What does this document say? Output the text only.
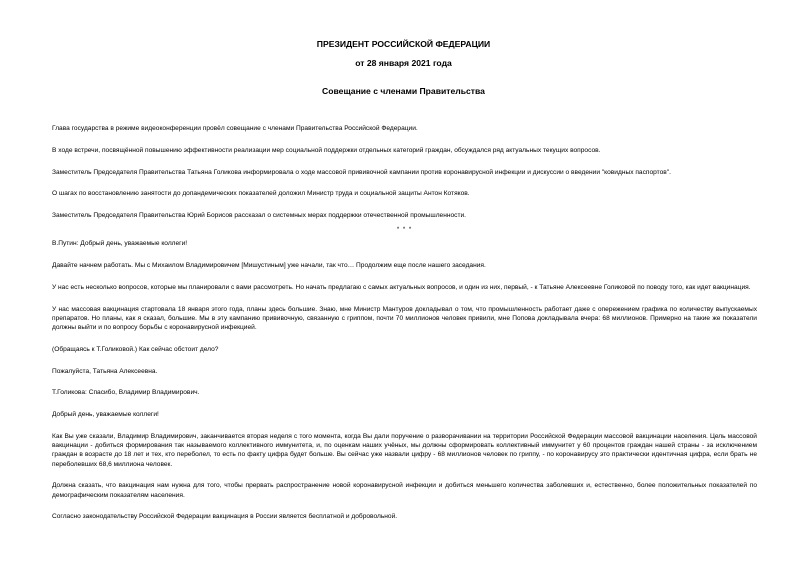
ПРЕЗИДЕНТ РОССИЙСКОЙ ФЕДЕРАЦИИ
от 28 января 2021 года
Совещание с членами Правительства

Глава государства в режиме видеоконференции провёл совещание с членами Правительства Российской Федерации.

В ходе встречи, посвящённой повышению эффективности реализации мер социальной поддержки отдельных категорий граждан, обсуждался ряд актуальных текущих вопросов.

Заместитель Председателя Правительства Татьяна Голикова информировала о ходе массовой прививочной кампании против коронавирусной инфекции и дискуссии о введении "ковидных паспортов".

О шагах по восстановлению занятости до допандемических показателей доложил Министр труда и социальной защиты Антон Котяков.

Заместитель Председателя Правительства Юрий Борисов рассказал о системных мерах поддержки отечественной промышленности.

* * *

В.Путин: Добрый день, уважаемые коллеги!

Давайте начнем работать. Мы с Михаилом Владимировичем [Мишустиным] уже начали, так что… Продолжим еще после нашего заседания.

У нас есть несколько вопросов, которые мы планировали с вами рассмотреть. Но начать предлагаю с самых актуальных вопросов, и один из них, первый, - к Татьяне Алексеевне Голиковой по поводу того, как идет вакцинация.

У нас массовая вакцинация стартовала 18 января этого года, планы здесь большие. Знаю, мне Министр Мантуров докладывал о том, что промышленность работает даже с опережением графика по количеству выпускаемых препаратов. Но планы, как я сказал, большие. Мы в эту кампанию прививочную, связанную с гриппом, почти 70 миллионов человек привили, мне Попова докладывала вчера: 68 миллионов. Примерно на такие же показатели должны выйти и по вопросу борьбы с коронавирусной инфекцией.

(Обращаясь к Т.Голиковой.) Как сейчас обстоит дело?

Пожалуйста, Татьяна Алексеевна.

Т.Голикова: Спасибо, Владимир Владимирович.

Добрый день, уважаемые коллеги!

Как Вы уже сказали, Владимир Владимирович, заканчивается вторая неделя с того момента, когда Вы дали поручение о разворачивании на территории Российской Федерации массовой вакцинации населения. Цель массовой вакцинации - добиться формирования так называемого коллективного иммунитета, и, по оценкам наших учёных, мы должны сформировать коллективный иммунитет у 60 процентов граждан нашей страны - за исключением граждан в возрасте до 18 лет и тех, кто переболел, то есть по факту цифра будет больше. Вы сейчас уже назвали цифру - 68 миллионов человек по гриппу, - по коронавирусу это практически идентичная цифра, если брать не переболевших 68,6 миллиона человек.

Должна сказать, что вакцинация нам нужна для того, чтобы прервать распространение новой коронавирусной инфекции и добиться меньшего количества заболевших и, естественно, более положительных показателей по демографическим показателям населения.

Согласно законодательству Российской Федерации вакцинация в России является бесплатной и добровольной.
